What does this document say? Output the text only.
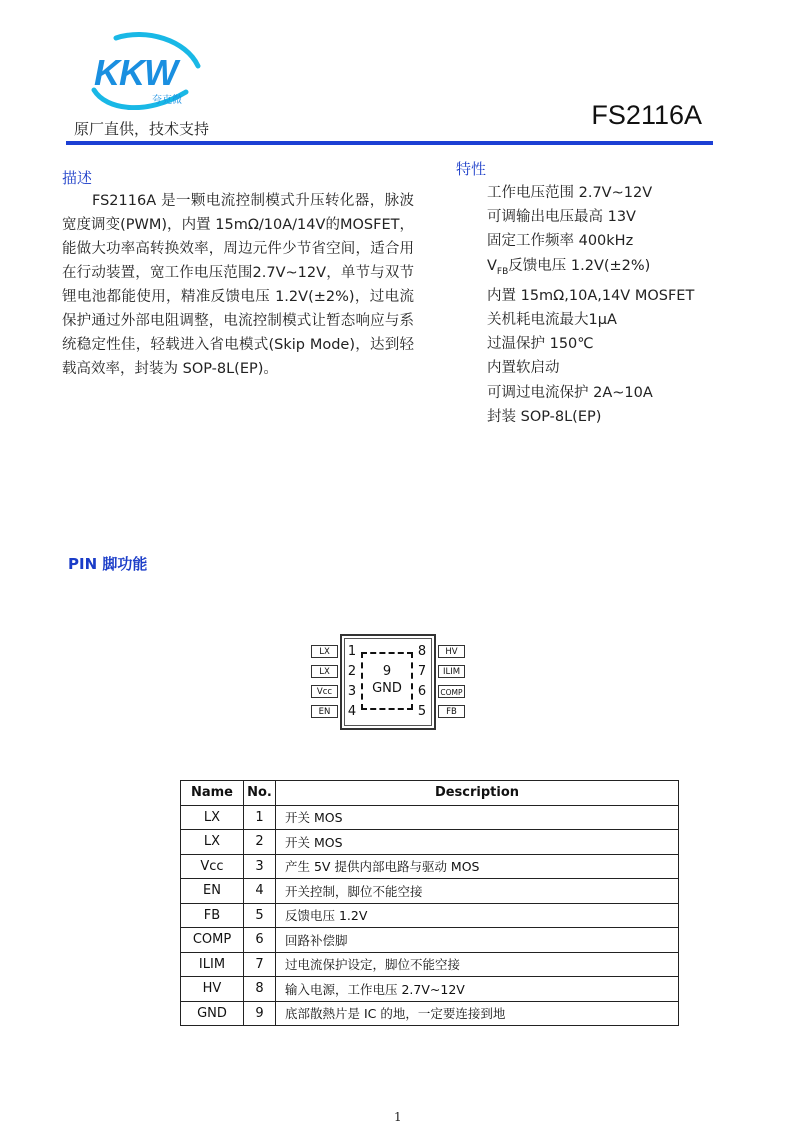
KKW
夸克微
原厂直供，技术支持	FS2116A
描述
FS2116A 是一颗电流控制模式升压转化器，脉波宽度调变(PWM)，内置 15mΩ/10A/14V的MOSFET，能做大功率高转换效率，周边元件少节省空间，适合用在行动装置，宽工作电压范围2.7V~12V，单节与双节锂电池都能使用，精准反馈电压 1.2V(±2%)，过电流保护通过外部电阻调整，电流控制模式让暂态响应与系统稳定性佳，轻载进入省电模式(Skip Mode)，达到轻载高效率，封装为 SOP-8L(EP)。
特性
工作电压范围 2.7V~12V
可调输出电压最高 13V
固定工作频率 400kHz
$V_{FB}$反馈电压 1.2V(±2%)
内置 15mΩ,10A,14V MOSFET
关机耗电流最大1μA
过温保护 150℃
内置软启动
可调过电流保护 2A~10A
封装 SOP-8L(EP)
PIN 脚功能
9
GND
LX	1
LX	2
Vcc	3
EN	4
8	HV
7	ILIM
6	COMP
5	FB
Name	No.	Description
LX	1	开关 MOS
LX	2	开关 MOS
Vcc	3	产生 5V 提供内部电路与驱动 MOS
EN	4	开关控制，脚位不能空接
FB	5	反馈电压 1.2V
COMP	6	回路补偿脚
ILIM	7	过电流保护设定，脚位不能空接
HV	8	输入电源，工作电压 2.7V~12V
GND	9	底部散熱片是 IC 的地，一定要连接到地
1
